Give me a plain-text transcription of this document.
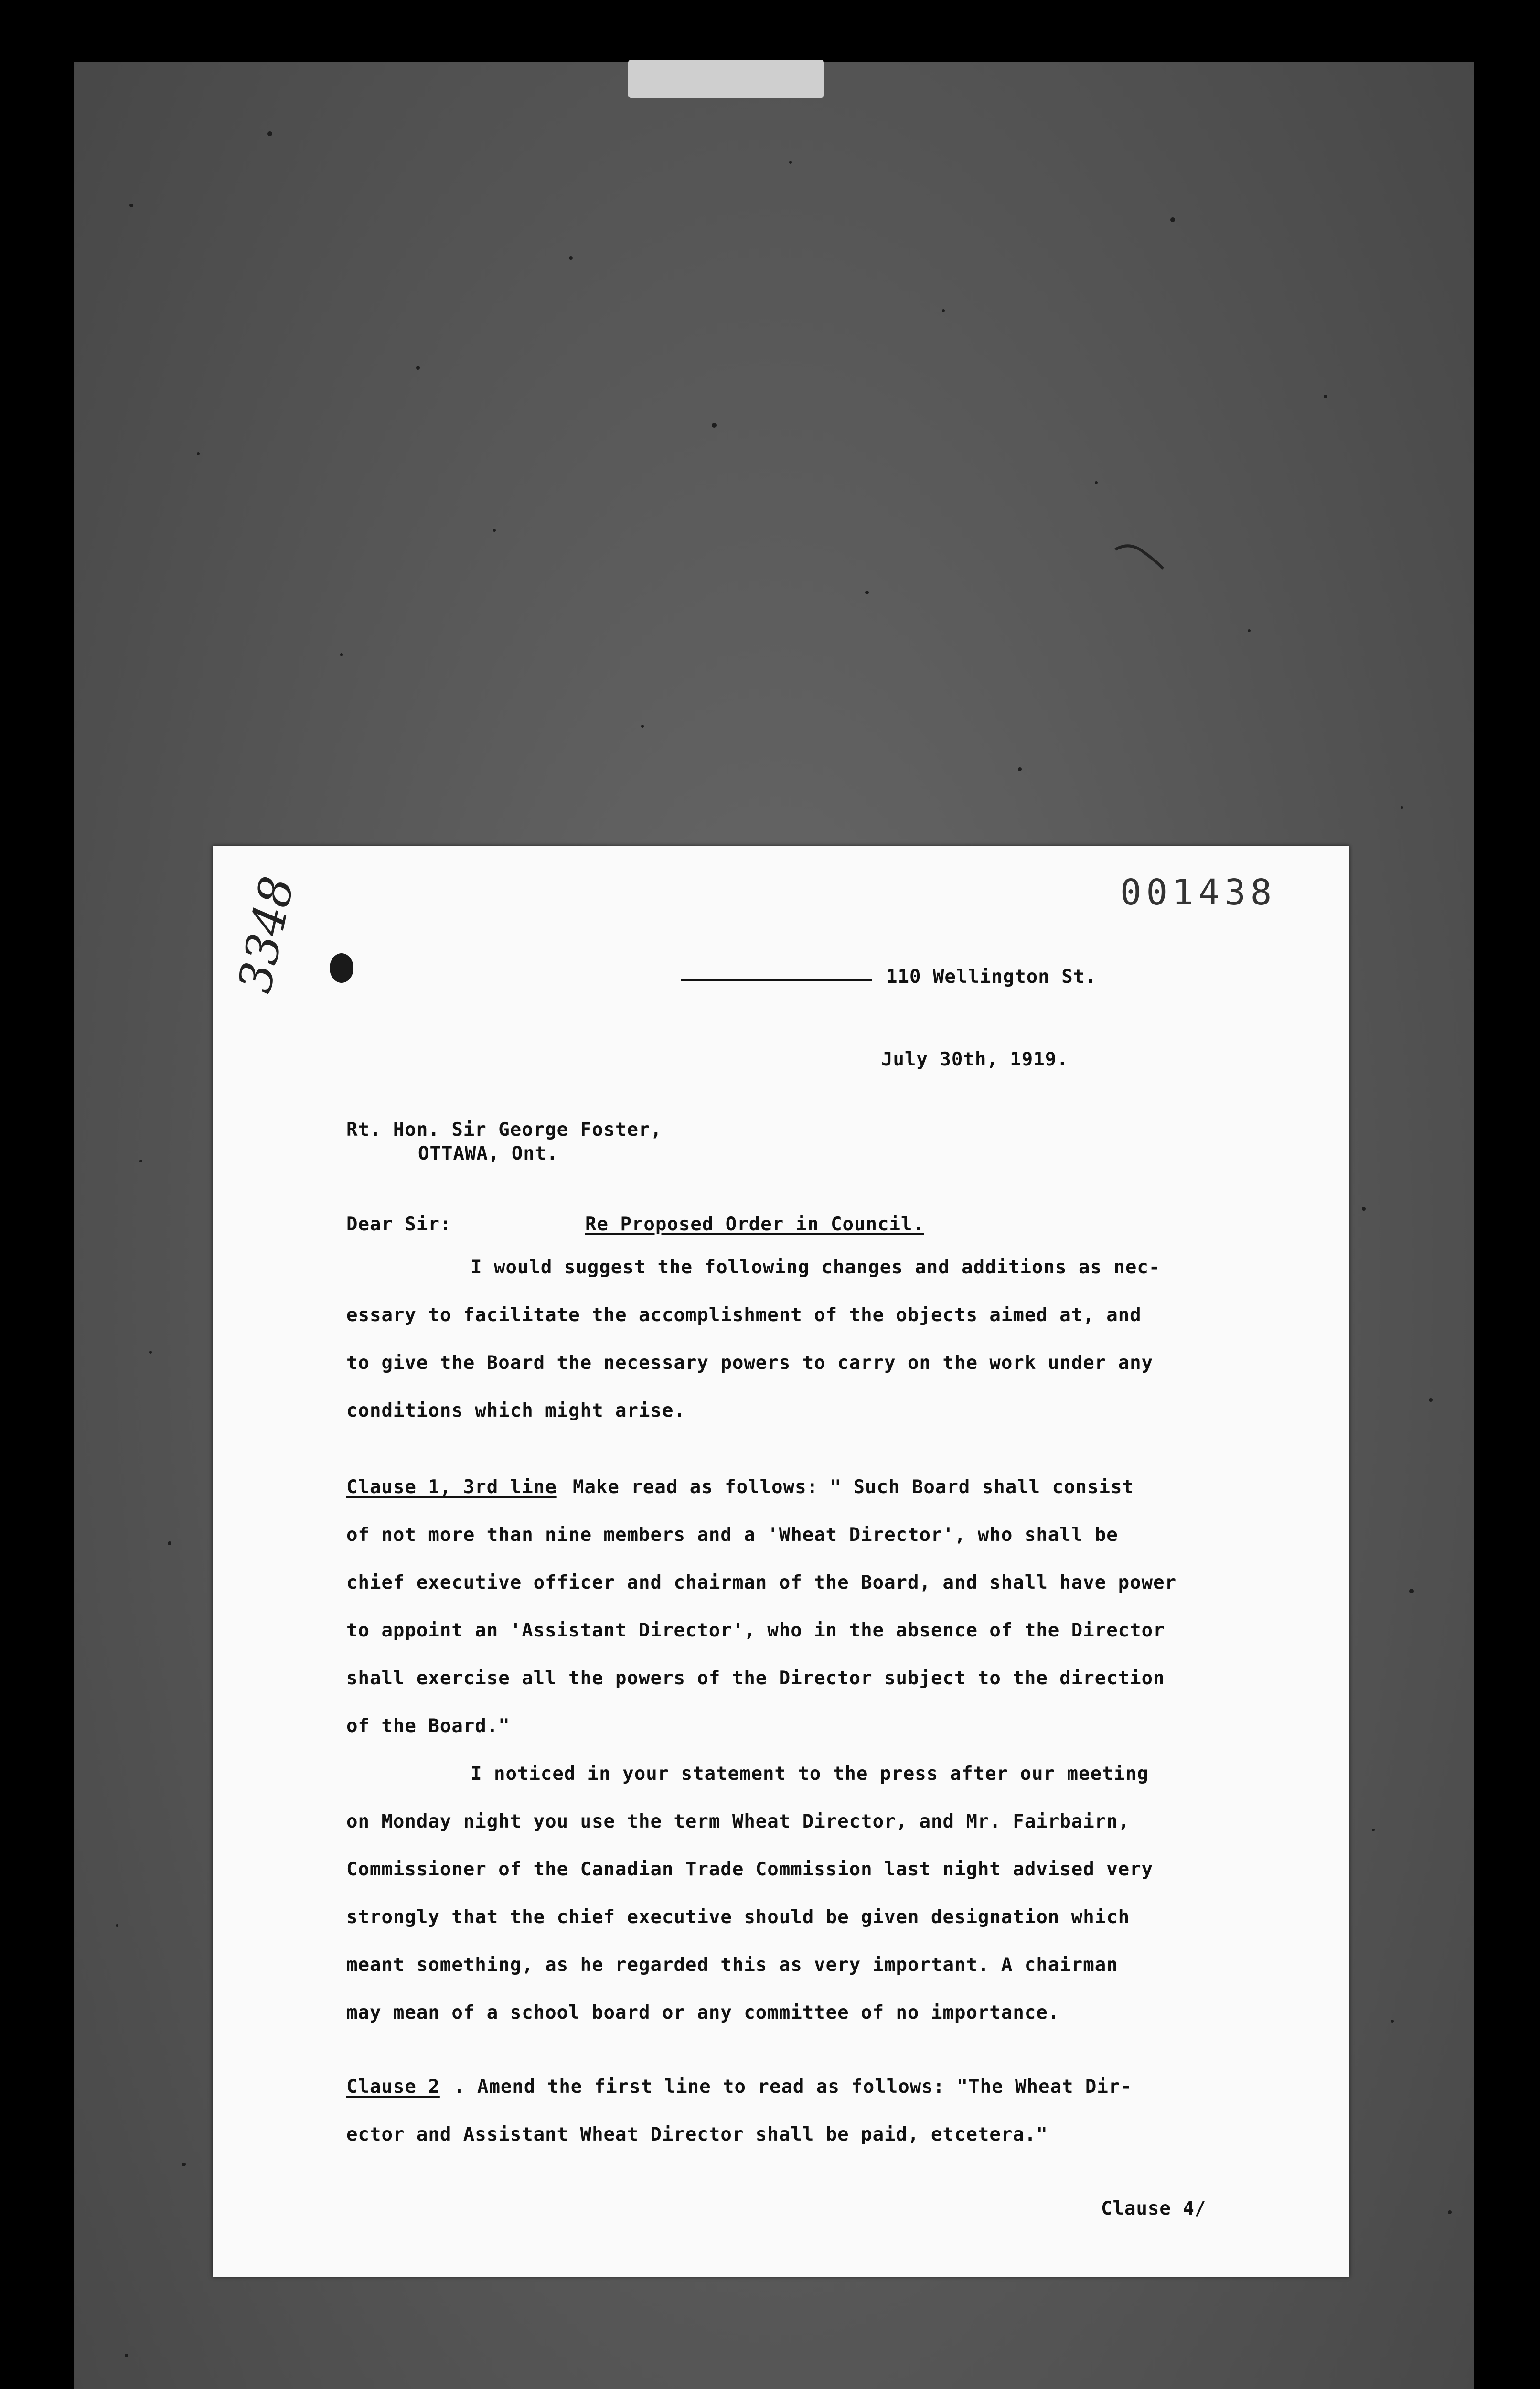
001438
3348	110 Wellington St.
July 30th, 1919.
Rt. Hon. Sir George Foster,
OTTAWA, Ont.
Dear Sir:	Re Proposed Order in Council.
I would suggest the following changes and additions as nec-
essary to facilitate the accomplishment of the objects aimed at, and
to give the Board the necessary powers to carry on the work under any
conditions which might arise.
Clause 1, 3rd line
. Make read as follows: " Such Board shall consist
of not more than nine members and a 'Wheat Director', who shall be
chief executive officer and chairman of the Board, and shall have power
to appoint an 'Assistant Director', who in the absence of the Director
shall exercise all the powers of the Director subject to the direction
of the Board."
I noticed in your statement to the press after our meeting
on Monday night you use the term Wheat Director, and Mr. Fairbairn,
Commissioner of the Canadian Trade Commission last night advised very
strongly that the chief executive should be given designation which
meant something, as he regarded this as very important. A chairman
may mean of a school board or any committee of no importance.
Clause 2 . Amend the first line to read as follows: "The Wheat Dir-
ector and Assistant Wheat Director shall be paid, etcetera."
Clause 4/
